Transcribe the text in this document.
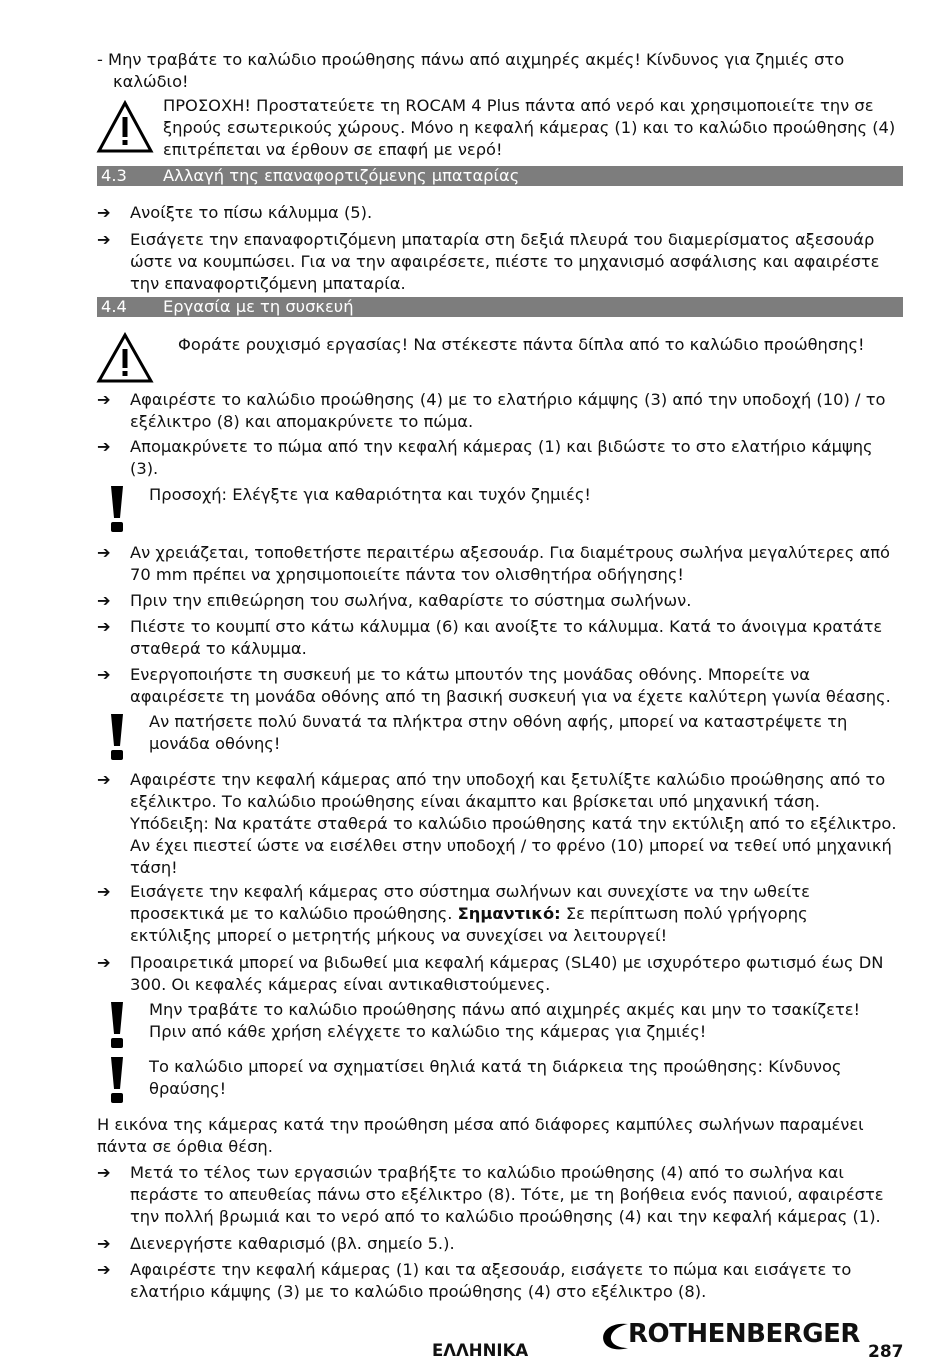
- Μην τραβάτε το καλώδιο προώθησης πάνω από αιχμηρές ακμές! Κίνδυνος για ζημιές στο
καλώδιο!
ΠΡΟΣΟΧΗ! Προστατεύετε τη ROCAM 4 Plus πάντα από νερό και χρησιμοποιείτε την σε
ξηρούς εσωτερικούς χώρους. Μόνο η κεφαλή κάμερας (1) και το καλώδιο προώθησης (4)
επιτρέπεται να έρθουν σε επαφή με νερό!
4.3 Αλλαγή της επαναφορτιζόμενης μπαταρίας
➔	Ανοίξτε το πίσω κάλυμμα (5).
➔	Εισάγετε την επαναφορτιζόμενη μπαταρία στη δεξιά πλευρά του διαμερίσματος αξεσουάρ
ώστε να κουμπώσει. Για να την αφαιρέσετε, πιέστε το μηχανισμό ασφάλισης και αφαιρέστε
την επαναφορτιζόμενη μπαταρία.
4.4 Εργασία με τη συσκευή
Φοράτε ρουχισμό εργασίας! Να στέκεστε πάντα δίπλα από το καλώδιο προώθησης!
➔	Αφαιρέστε το καλώδιο προώθησης (4) με το ελατήριο κάμψης (3) από την υποδοχή (10) / το
εξέλικτρο (8) και απομακρύνετε το πώμα.
➔	Απομακρύνετε το πώμα από την κεφαλή κάμερας (1) και βιδώστε το στο ελατήριο κάμψης
(3).
Προσοχή: Ελέγξτε για καθαριότητα και τυχόν ζημιές!
➔	Αν χρειάζεται, τοποθετήστε περαιτέρω αξεσουάρ. Για διαμέτρους σωλήνα μεγαλύτερες από
70 mm πρέπει να χρησιμοποιείτε πάντα τον ολισθητήρα οδήγησης!
➔	Πριν την επιθεώρηση του σωλήνα, καθαρίστε το σύστημα σωλήνων.
➔	Πιέστε το κουμπί στο κάτω κάλυμμα (6) και ανοίξτε το κάλυμμα. Κατά το άνοιγμα κρατάτε
σταθερά το κάλυμμα.
➔	Ενεργοποιήστε τη συσκευή με το κάτω μπουτόν της μονάδας οθόνης. Μπορείτε να
αφαιρέσετε τη μονάδα οθόνης από τη βασική συσκευή για να έχετε καλύτερη γωνία θέασης.
Αν πατήσετε πολύ δυνατά τα πλήκτρα στην οθόνη αφής, μπορεί να καταστρέψετε τη
μονάδα οθόνης!
➔	Αφαιρέστε την κεφαλή κάμερας από την υποδοχή και ξετυλίξτε καλώδιο προώθησης από το
εξέλικτρο. Το καλώδιο προώθησης είναι άκαμπτο και βρίσκεται υπό μηχανική τάση.
Υπόδειξη: Να κρατάτε σταθερά το καλώδιο προώθησης κατά την εκτύλιξη από το εξέλικτρο.
Αν έχει πιεστεί ώστε να εισέλθει στην υποδοχή / το φρένο (10) μπορεί να τεθεί υπό μηχανική
τάση!
➔	Εισάγετε την κεφαλή κάμερας στο σύστημα σωλήνων και συνεχίστε να την ωθείτε
προσεκτικά με το καλώδιο προώθησης. Σημαντικό: Σε περίπτωση πολύ γρήγορης
εκτύλιξης μπορεί ο μετρητής μήκους να συνεχίσει να λειτουργεί!
➔	Προαιρετικά μπορεί να βιδωθεί μια κεφαλή κάμερας (SL40) με ισχυρότερο φωτισμό έως DN
300. Οι κεφαλές κάμερας είναι αντικαθιστούμενες.
Μην τραβάτε το καλώδιο προώθησης πάνω από αιχμηρές ακμές και μην το τσακίζετε!
Πριν από κάθε χρήση ελέγχετε το καλώδιο της κάμερας για ζημιές!
Το καλώδιο μπορεί να σχηματίσει θηλιά κατά τη διάρκεια της προώθησης: Κίνδυνος
θραύσης!
Η εικόνα της κάμερας κατά την προώθηση μέσα από διάφορες καμπύλες σωλήνων παραμένει
πάντα σε όρθια θέση.
➔	Μετά το τέλος των εργασιών τραβήξτε το καλώδιο προώθησης (4) από το σωλήνα και
περάστε το απευθείας πάνω στο εξέλικτρο (8). Τότε, με τη βοήθεια ενός πανιού, αφαιρέστε
την πολλή βρωμιά και το νερό από το καλώδιο προώθησης (4) και την κεφαλή κάμερας (1).
➔	Διενεργήστε καθαρισμό (βλ. σημείο 5.).
➔	Αφαιρέστε την κεφαλή κάμερας (1) και τα αξεσουάρ, εισάγετε το πώμα και εισάγετε το
ελατήριο κάμψης (3) με το καλώδιο προώθησης (4) στο εξέλικτρο (8).
ΕΛΛΗΝΙΚΑ
ROTHENBERGER
287
